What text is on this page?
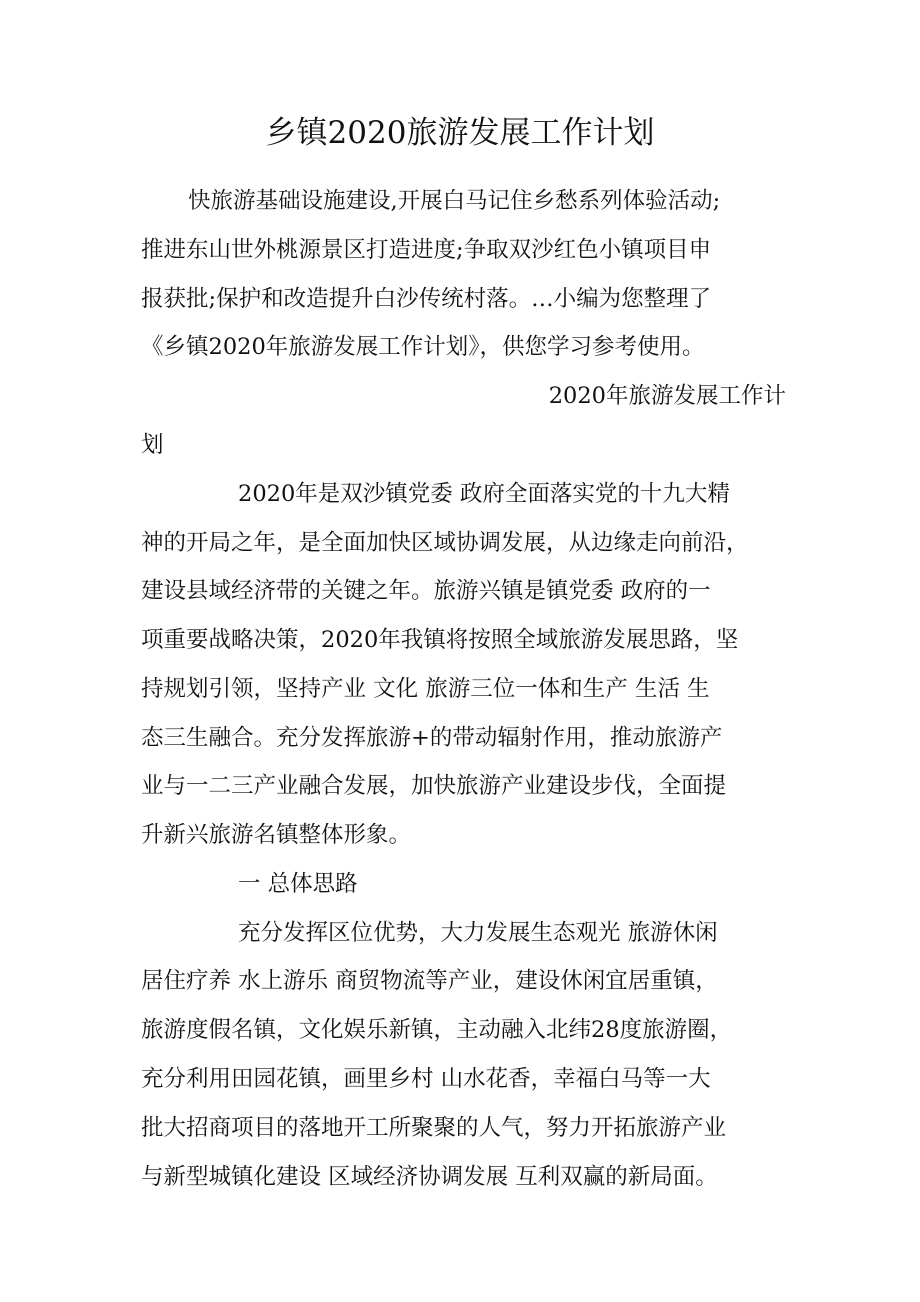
乡镇2020旅游发展工作计划
快旅游基础设施建设,开展白马记住乡愁系列体验活动;
推进东山世外桃源景区打造进度;争取双沙红色小镇项目申
报获批;保护和改造提升白沙传统村落。…小编为您整理了
《乡镇2020年旅游发展工作计划》，供您学习参考使用。
2020年旅游发展工作计
划
2020年是双沙镇党委 政府全面落实党的十九大精
神的开局之年，是全面加快区域协调发展，从边缘走向前沿，
建设县域经济带的关键之年。旅游兴镇是镇党委 政府的一
项重要战略决策，2020年我镇将按照全域旅游发展思路，坚
持规划引领，坚持产业 文化 旅游三位一体和生产 生活 生
态三生融合。充分发挥旅游+的带动辐射作用，推动旅游产
业与一二三产业融合发展，加快旅游产业建设步伐，全面提
升新兴旅游名镇整体形象。
一 总体思路
充分发挥区位优势，大力发展生态观光 旅游休闲
居住疗养 水上游乐 商贸物流等产业，建设休闲宜居重镇，
旅游度假名镇，文化娱乐新镇，主动融入北纬28度旅游圈，
充分利用田园花镇，画里乡村 山水花香，幸福白马等一大
批大招商项目的落地开工所聚聚的人气，努力开拓旅游产业
与新型城镇化建设 区域经济协调发展 互利双赢的新局面。
